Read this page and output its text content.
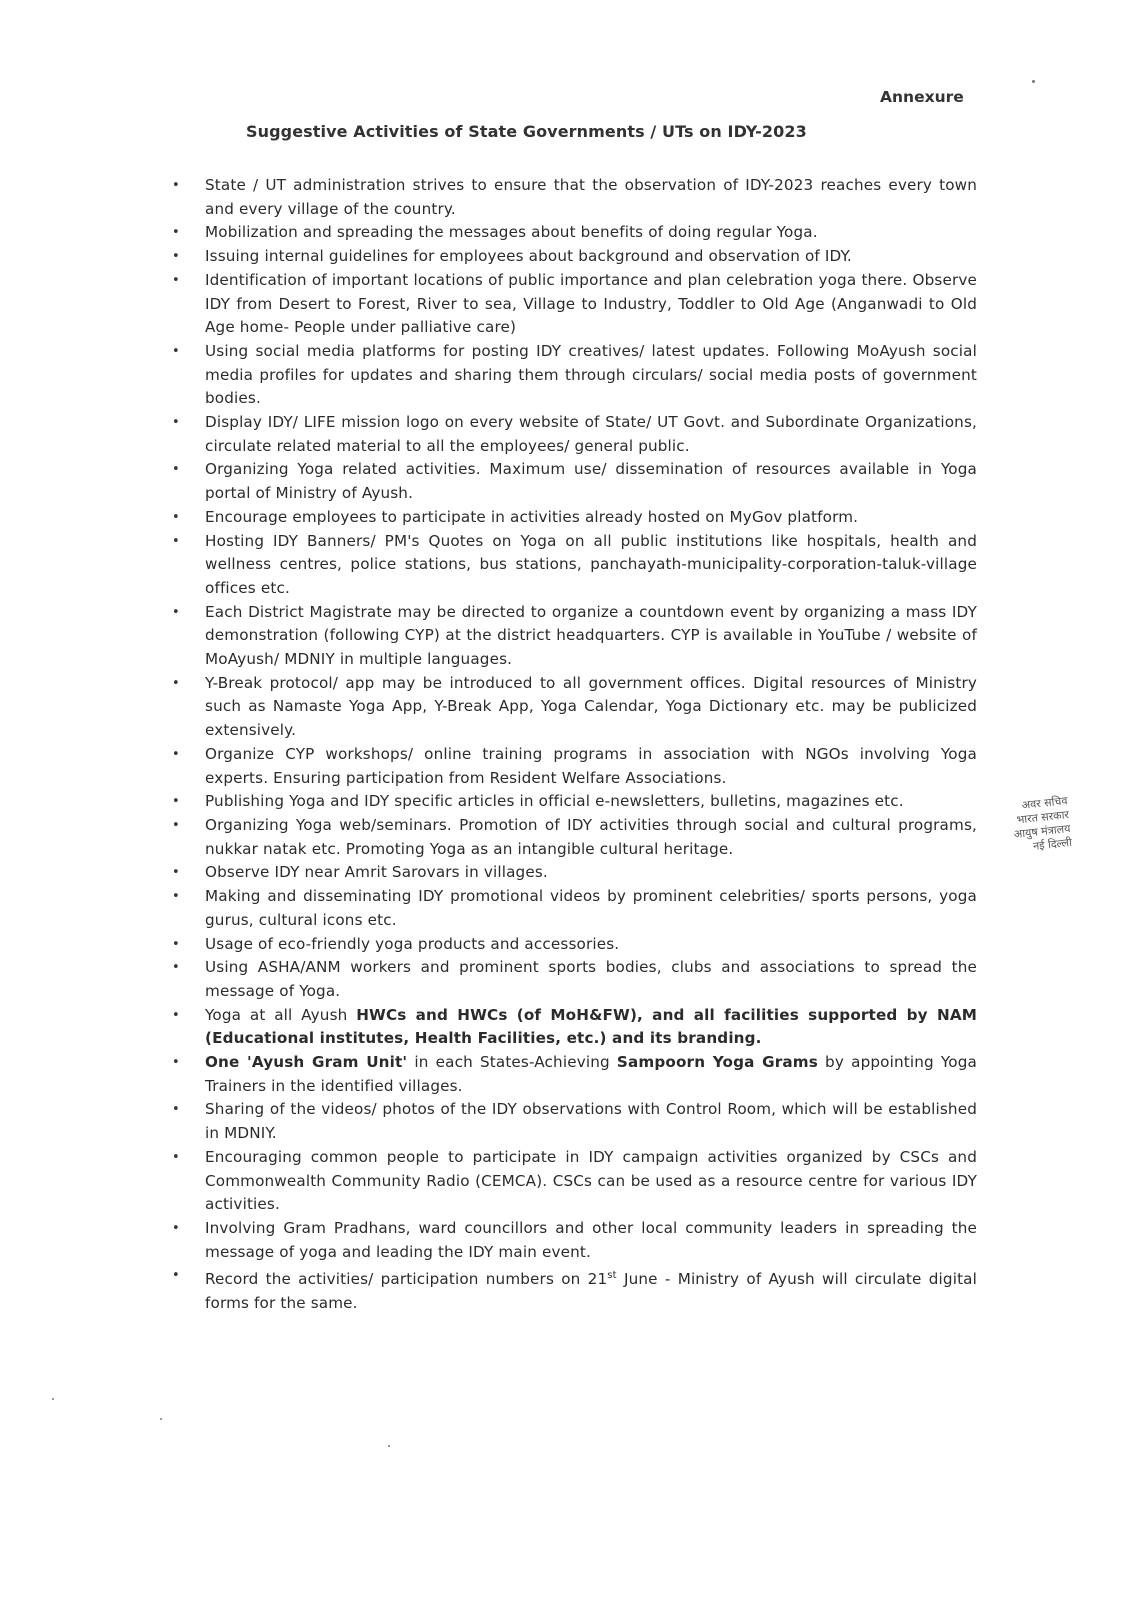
Annexure
Suggestive Activities of State Governments / UTs on IDY-2023
• State / UT administration strives to ensure that the observation of IDY-2023 reaches every town and every village of the country.
• Mobilization and spreading the messages about benefits of doing regular Yoga.
• Issuing internal guidelines for employees about background and observation of IDY.
• Identification of important locations of public importance and plan celebration yoga there. Observe IDY from Desert to Forest, River to sea, Village to Industry, Toddler to Old Age (Anganwadi to Old Age home- People under palliative care)
• Using social media platforms for posting IDY creatives/ latest updates. Following MoAyush social media profiles for updates and sharing them through circulars/ social media posts of government bodies.
• Display IDY/ LIFE mission logo on every website of State/ UT Govt. and Subordinate Organizations, circulate related material to all the employees/ general public.
• Organizing Yoga related activities. Maximum use/ dissemination of resources available in Yoga portal of Ministry of Ayush.
• Encourage employees to participate in activities already hosted on MyGov platform.
• Hosting IDY Banners/ PM's Quotes on Yoga on all public institutions like hospitals, health and wellness centres, police stations, bus stations, panchayath-municipality-corporation-taluk-village offices etc.
• Each District Magistrate may be directed to organize a countdown event by organizing a mass IDY demonstration (following CYP) at the district headquarters. CYP is available in YouTube / website of MoAyush/ MDNIY in multiple languages.
• Y-Break protocol/ app may be introduced to all government offices. Digital resources of Ministry such as Namaste Yoga App, Y-Break App, Yoga Calendar, Yoga Dictionary etc. may be publicized extensively.
• Organize CYP workshops/ online training programs in association with NGOs involving Yoga experts. Ensuring participation from Resident Welfare Associations.
• Publishing Yoga and IDY specific articles in official e-newsletters, bulletins, magazines etc.
• Organizing Yoga web/seminars. Promotion of IDY activities through social and cultural programs, nukkar natak etc. Promoting Yoga as an intangible cultural heritage.
• Observe IDY near Amrit Sarovars in villages.
• Making and disseminating IDY promotional videos by prominent celebrities/ sports persons, yoga gurus, cultural icons etc.
• Usage of eco-friendly yoga products and accessories.
• Using ASHA/ANM workers and prominent sports bodies, clubs and associations to spread the message of Yoga.
• Yoga at all Ayush HWCs and HWCs (of MoH&FW), and all facilities supported by NAM (Educational institutes, Health Facilities, etc.) and its branding.
• One 'Ayush Gram Unit' in each States-Achieving Sampoorn Yoga Grams by appointing Yoga Trainers in the identified villages.
• Sharing of the videos/ photos of the IDY observations with Control Room, which will be established in MDNIY.
• Encouraging common people to participate in IDY campaign activities organized by CSCs and Commonwealth Community Radio (CEMCA). CSCs can be used as a resource centre for various IDY activities.
• Involving Gram Pradhans, ward councillors and other local community leaders in spreading the message of yoga and leading the IDY main event.
• Record the activities/ participation numbers on 21st June - Ministry of Ayush will circulate digital forms for the same.
अवर सचिव
भारत सरकार
आयुष मंत्रालय
नई दिल्ली
